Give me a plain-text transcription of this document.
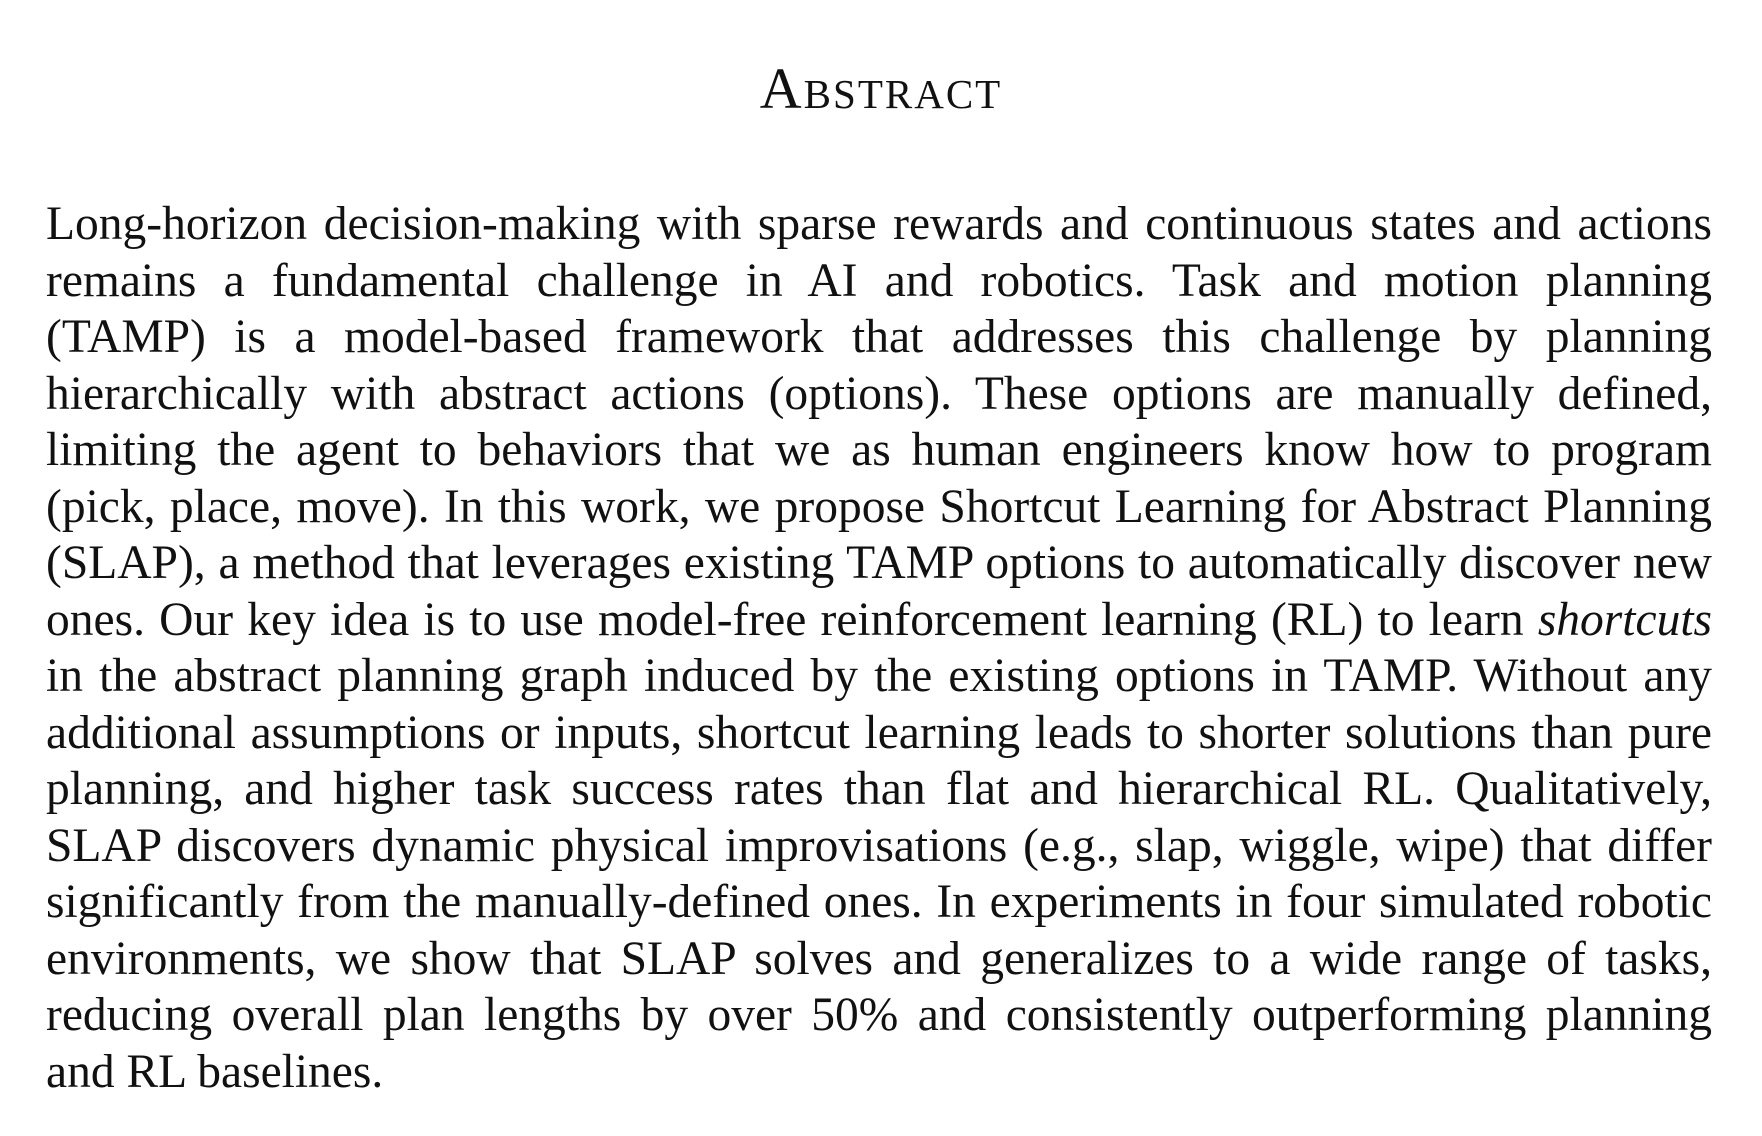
Abstract

Long-horizon decision-making with sparse rewards and continuous states and actions remains a fundamental challenge in AI and robotics. Task and motion planning (TAMP) is a model-based framework that addresses this challenge by planning hierarchically with abstract actions (options). These options are manually defined, limiting the agent to behaviors that we as human engineers know how to program (pick, place, move). In this work, we propose Shortcut Learning for Abstract Planning (SLAP), a method that leverages existing TAMP options to automatically discover new ones. Our key idea is to use model-free reinforcement learning (RL) to learn shortcuts in the abstract planning graph induced by the existing options in TAMP. Without any additional assumptions or inputs, shortcut learning leads to shorter solutions than pure planning, and higher task success rates than flat and hierarchical RL. Qualitatively, SLAP discovers dynamic physical improvisations (e.g., slap, wiggle, wipe) that differ significantly from the manually-defined ones. In experiments in four simulated robotic environments, we show that SLAP solves and generalizes to a wide range of tasks, reducing overall plan lengths by over 50% and consistently outperforming planning and RL baselines.
